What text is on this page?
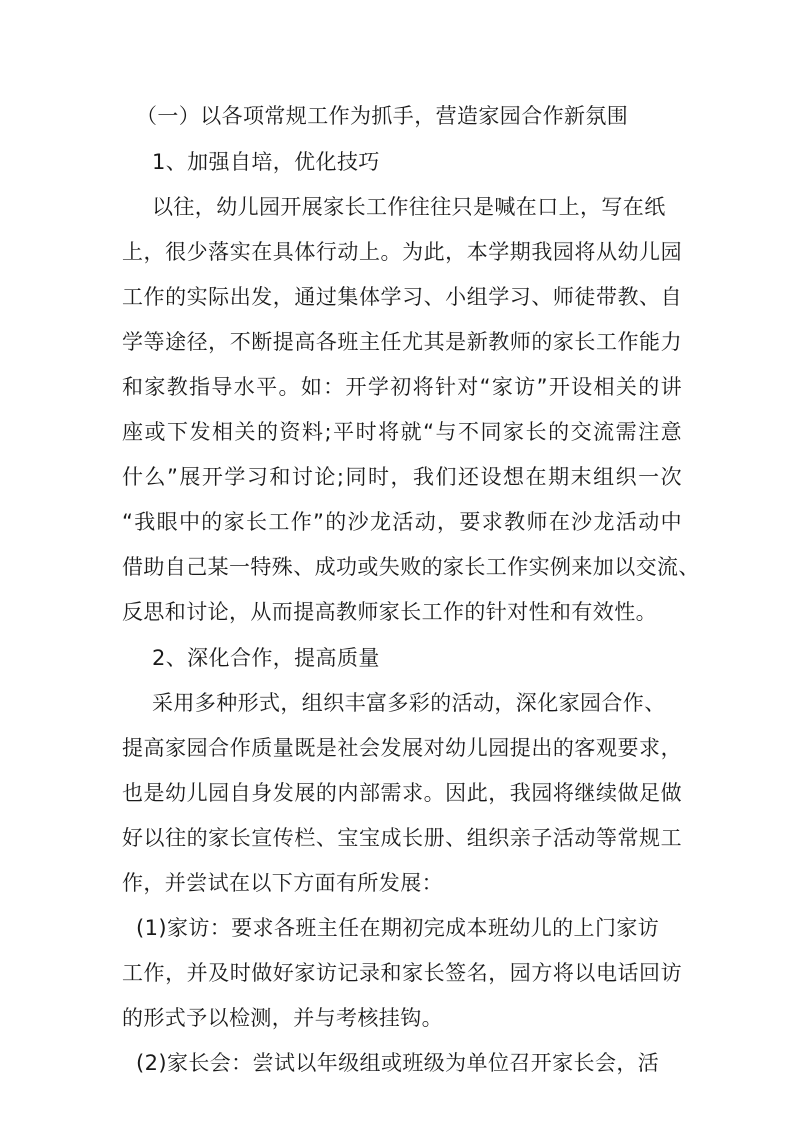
（一）以各项常规工作为抓手，营造家园合作新氛围
1、加强自培，优化技巧
以往，幼儿园开展家长工作往往只是喊在口上，写在纸
上，很少落实在具体行动上。为此，本学期我园将从幼儿园
工作的实际出发，通过集体学习、小组学习、师徒带教、自
学等途径，不断提高各班主任尤其是新教师的家长工作能力
和家教指导水平。如：开学初将针对“家访”开设相关的讲
座或下发相关的资料;平时将就“与不同家长的交流需注意
什么”展开学习和讨论;同时，我们还设想在期末组织一次
“我眼中的家长工作”的沙龙活动，要求教师在沙龙活动中
借助自己某一特殊、成功或失败的家长工作实例来加以交流、
反思和讨论，从而提高教师家长工作的针对性和有效性。
2、深化合作，提高质量
采用多种形式，组织丰富多彩的活动，深化家园合作、
提高家园合作质量既是社会发展对幼儿园提出的客观要求，
也是幼儿园自身发展的内部需求。因此，我园将继续做足做
好以往的家长宣传栏、宝宝成长册、组织亲子活动等常规工
作，并尝试在以下方面有所发展：
(1)家访：要求各班主任在期初完成本班幼儿的上门家访
工作，并及时做好家访记录和家长签名，园方将以电话回访
的形式予以检测，并与考核挂钩。
(2)家长会：尝试以年级组或班级为单位召开家长会，活
